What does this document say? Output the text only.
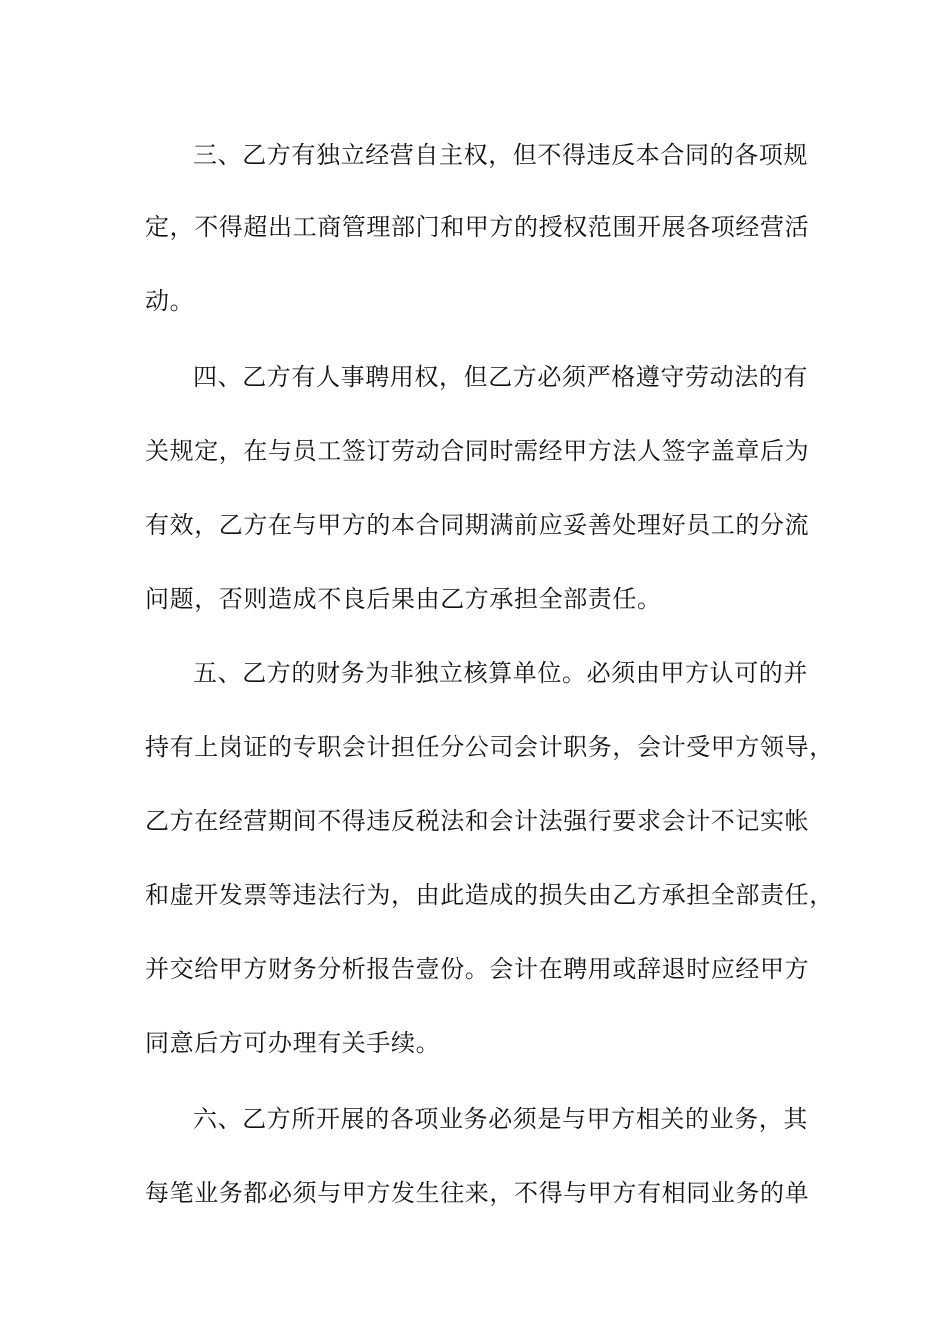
三、乙方有独立经营自主权，但不得违反本合同的各项规
定，不得超出工商管理部门和甲方的授权范围开展各项经营活
动。
四、乙方有人事聘用权，但乙方必须严格遵守劳动法的有
关规定，在与员工签订劳动合同时需经甲方法人签字盖章后为
有效，乙方在与甲方的本合同期满前应妥善处理好员工的分流
问题，否则造成不良后果由乙方承担全部责任。
五、乙方的财务为非独立核算单位。必须由甲方认可的并
持有上岗证的专职会计担任分公司会计职务，会计受甲方领导，
乙方在经营期间不得违反税法和会计法强行要求会计不记实帐
和虚开发票等违法行为，由此造成的损失由乙方承担全部责任，
并交给甲方财务分析报告壹份。会计在聘用或辞退时应经甲方
同意后方可办理有关手续。
六、乙方所开展的各项业务必须是与甲方相关的业务，其
每笔业务都必须与甲方发生往来，不得与甲方有相同业务的单
